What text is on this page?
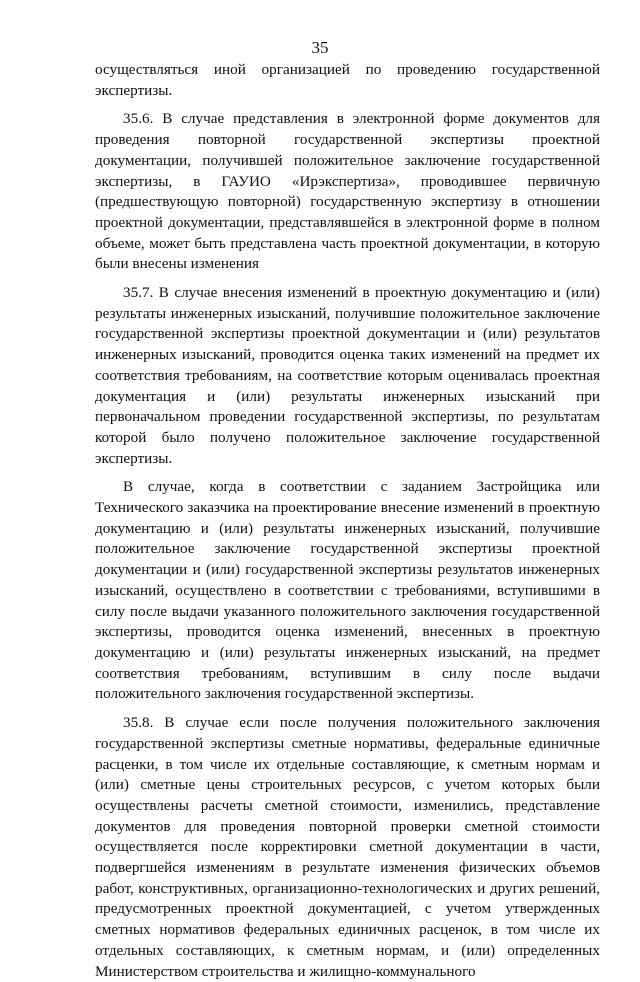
35

осуществляться иной организацией по проведению государственной экспертизы.

35.6. В случае представления в электронной форме документов для проведения повторной государственной экспертизы проектной документации, получившей положительное заключение государственной экспертизы, в ГАУИО «Ирэкспертиза», проводившее первичную (предшествующую повторной) государственную экспертизу в отношении проектной документации, представлявшейся в электронной форме в полном объеме, может быть представлена часть проектной документации, в которую были внесены изменения

35.7. В случае внесения изменений в проектную документацию и (или) результаты инженерных изысканий, получившие положительное заключение государственной экспертизы проектной документации и (или) результатов инженерных изысканий, проводится оценка таких изменений на предмет их соответствия требованиям, на соответствие которым оценивалась проектная документация и (или) результаты инженерных изысканий при первоначальном проведении государственной экспертизы, по результатам которой было получено положительное заключение государственной экспертизы.

В случае, когда в соответствии с заданием Застройщика или Технического заказчика на проектирование внесение изменений в проектную документацию и (или) результаты инженерных изысканий, получившие положительное заключение государственной экспертизы проектной документации и (или) государственной экспертизы результатов инженерных изысканий, осуществлено в соответствии с требованиями, вступившими в силу после выдачи указанного положительного заключения государственной экспертизы, проводится оценка изменений, внесенных в проектную документацию и (или) результаты инженерных изысканий, на предмет соответствия требованиям, вступившим в силу после выдачи положительного заключения государственной экспертизы.

35.8. В случае если после получения положительного заключения государственной экспертизы сметные нормативы, федеральные единичные расценки, в том числе их отдельные составляющие, к сметным нормам и (или) сметные цены строительных ресурсов, с учетом которых были осуществлены расчеты сметной стоимости, изменились, представление документов для проведения повторной проверки сметной стоимости осуществляется после корректировки сметной документации в части, подвергшейся изменениям в результате изменения физических объемов работ, конструктивных, организационно-технологических и других решений, предусмотренных проектной документацией, с учетом утвержденных сметных нормативов федеральных единичных расценок, в том числе их отдельных составляющих, к сметным нормам, и (или) определенных Министерством строительства и жилищно-коммунального
